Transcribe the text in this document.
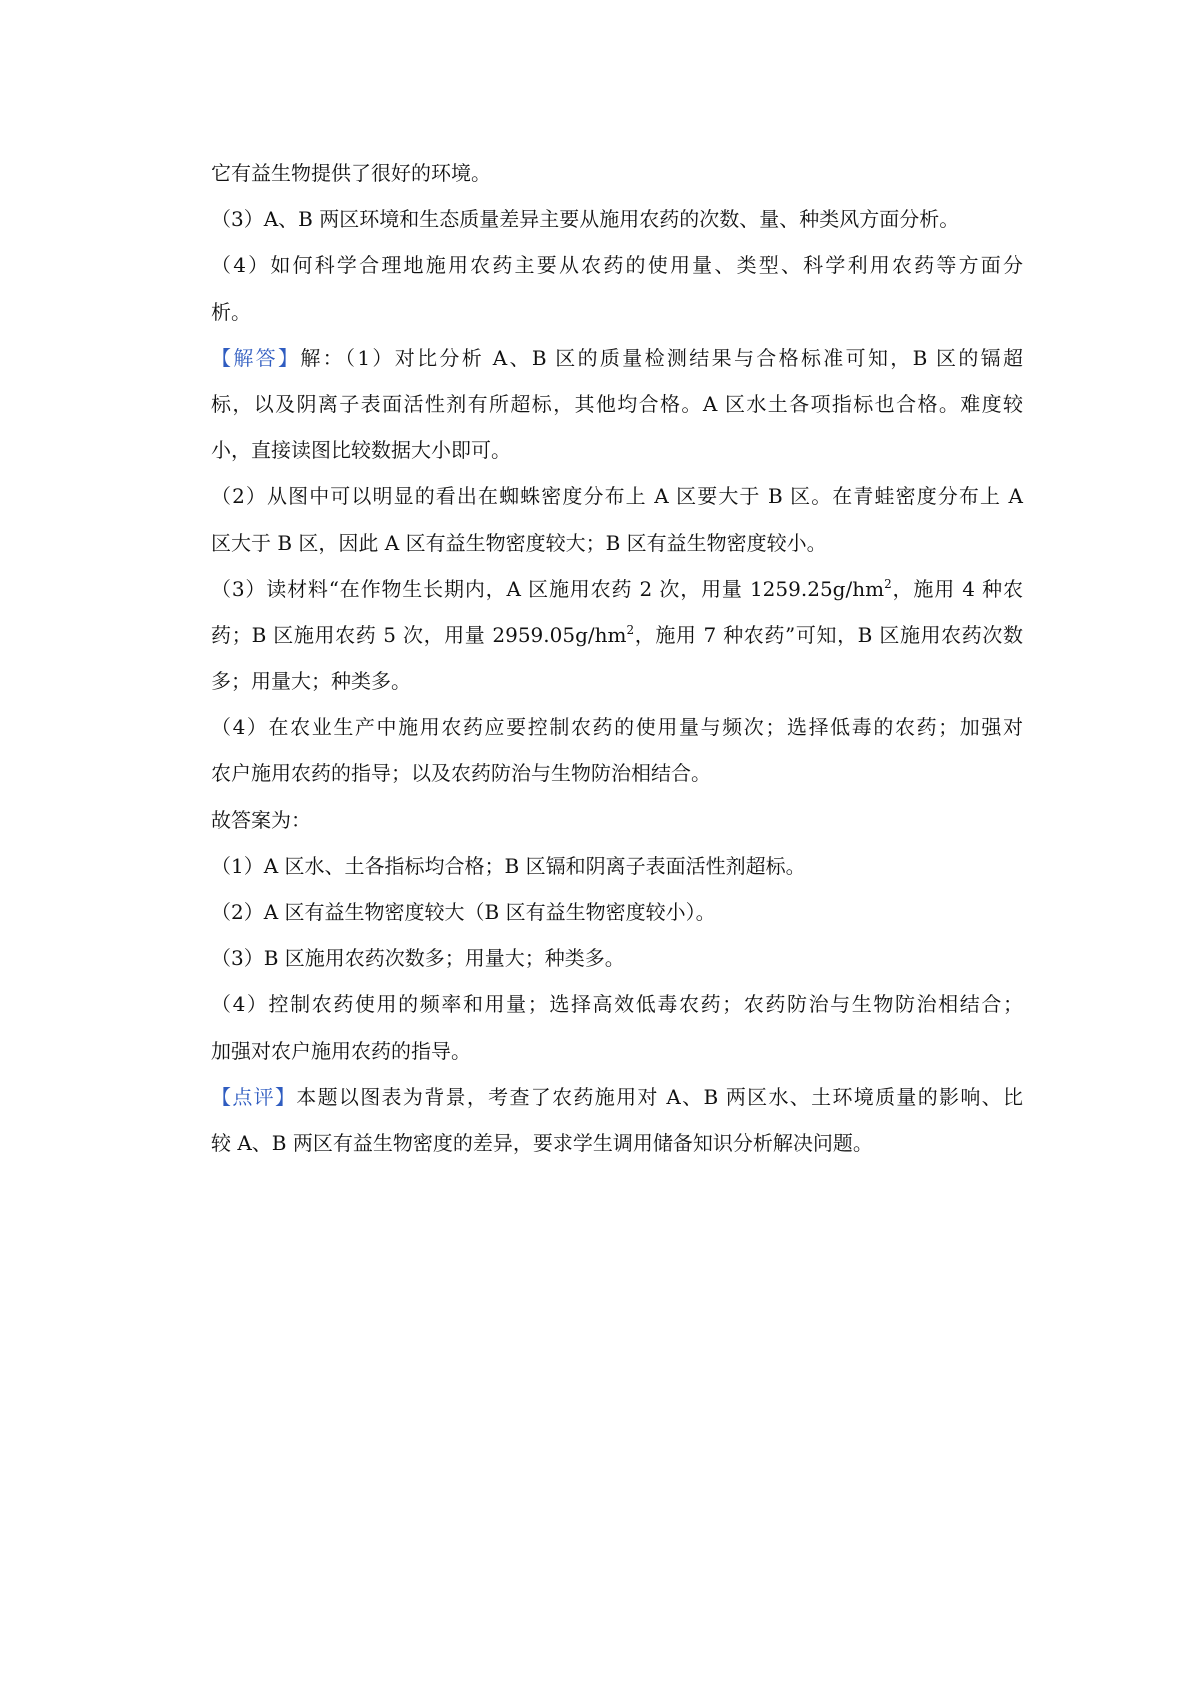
它有益生物提供了很好的环境。
（3）A、B 两区环境和生态质量差异主要从施用农药的次数、量、种类风方面分析。
（4）如何科学合理地施用农药主要从农药的使用量、类型、科学利用农药等方面分
析。
【解答】解：（1）对比分析 A、B 区的质量检测结果与合格标准可知，B 区的镉超
标，以及阴离子表面活性剂有所超标，其他均合格。A 区水土各项指标也合格。难度较
小，直接读图比较数据大小即可。
（2）从图中可以明显的看出在蜘蛛密度分布上 A 区要大于 B 区。在青蛙密度分布上 A
区大于 B 区，因此 A 区有益生物密度较大；B 区有益生物密度较小。
（3）读材料“在作物生长期内，A 区施用农药 2 次，用量 $1259.25g/hm^2$，施用 4 种农
药；B 区施用农药 5 次，用量 $2959.05g/hm^2$，施用 7 种农药”可知，B 区施用农药次数
多；用量大；种类多。
（4）在农业生产中施用农药应要控制农药的使用量与频次；选择低毒的农药；加强对
农户施用农药的指导；以及农药防治与生物防治相结合。
故答案为：
（1）A 区水、土各指标均合格；B 区镉和阴离子表面活性剂超标。
（2）A 区有益生物密度较大（B 区有益生物密度较小）。
（3）B 区施用农药次数多；用量大；种类多。
（4）控制农药使用的频率和用量；选择高效低毒农药；农药防治与生物防治相结合；
加强对农户施用农药的指导。
【点评】本题以图表为背景，考查了农药施用对 A、B 两区水、土环境质量的影响、比
较 A、B 两区有益生物密度的差异，要求学生调用储备知识分析解决问题。
